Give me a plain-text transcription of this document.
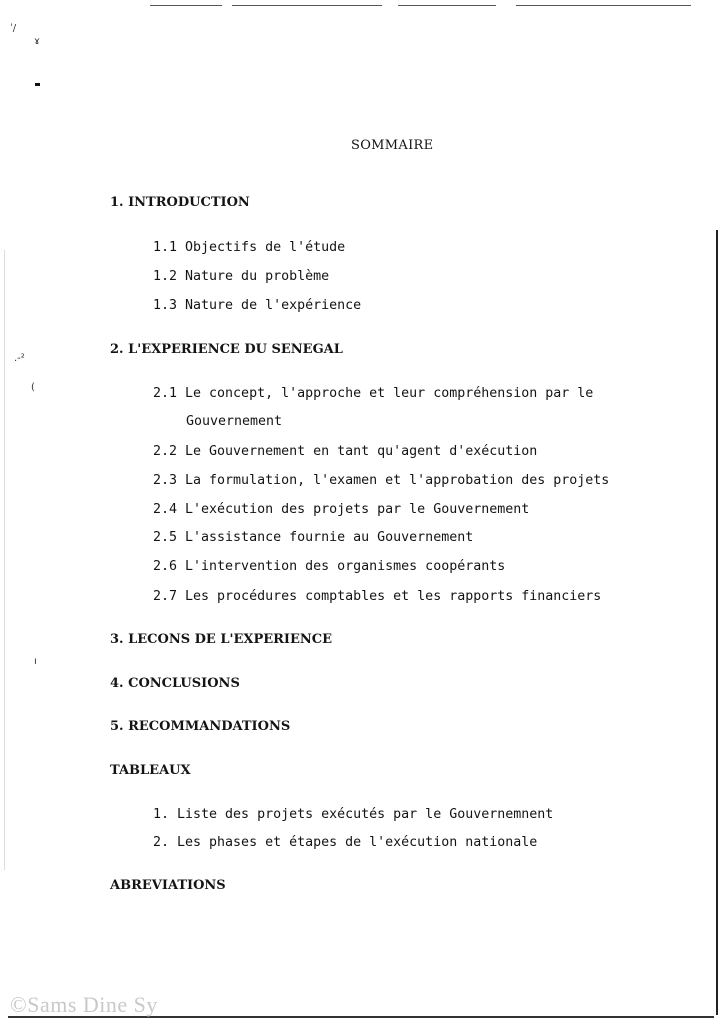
ˈ/
ɤ
.-²
(
ı
SOMMAIRE
1. INTRODUCTION
1.1 Objectifs de l'étude
1.2 Nature du problème
1.3 Nature de l'expérience
2. L'EXPERIENCE DU SENEGAL
2.1 Le concept, l'approche et leur compréhension par le
Gouvernement
2.2 Le Gouvernement en tant qu'agent d'exécution
2.3 La formulation, l'examen et l'approbation des projets
2.4 L'exécution des projets par le Gouvernement
2.5 L'assistance fournie au Gouvernement
2.6 L'intervention des organismes coopérants
2.7 Les procédures comptables et les rapports financiers
3. LECONS DE L'EXPERIENCE
4. CONCLUSIONS
5. RECOMMANDATIONS
TABLEAUX
1. Liste des projets exécutés par le Gouvernemnent
2. Les phases et étapes de l'exécution nationale
ABREVIATIONS
©Sams Dine Sy
